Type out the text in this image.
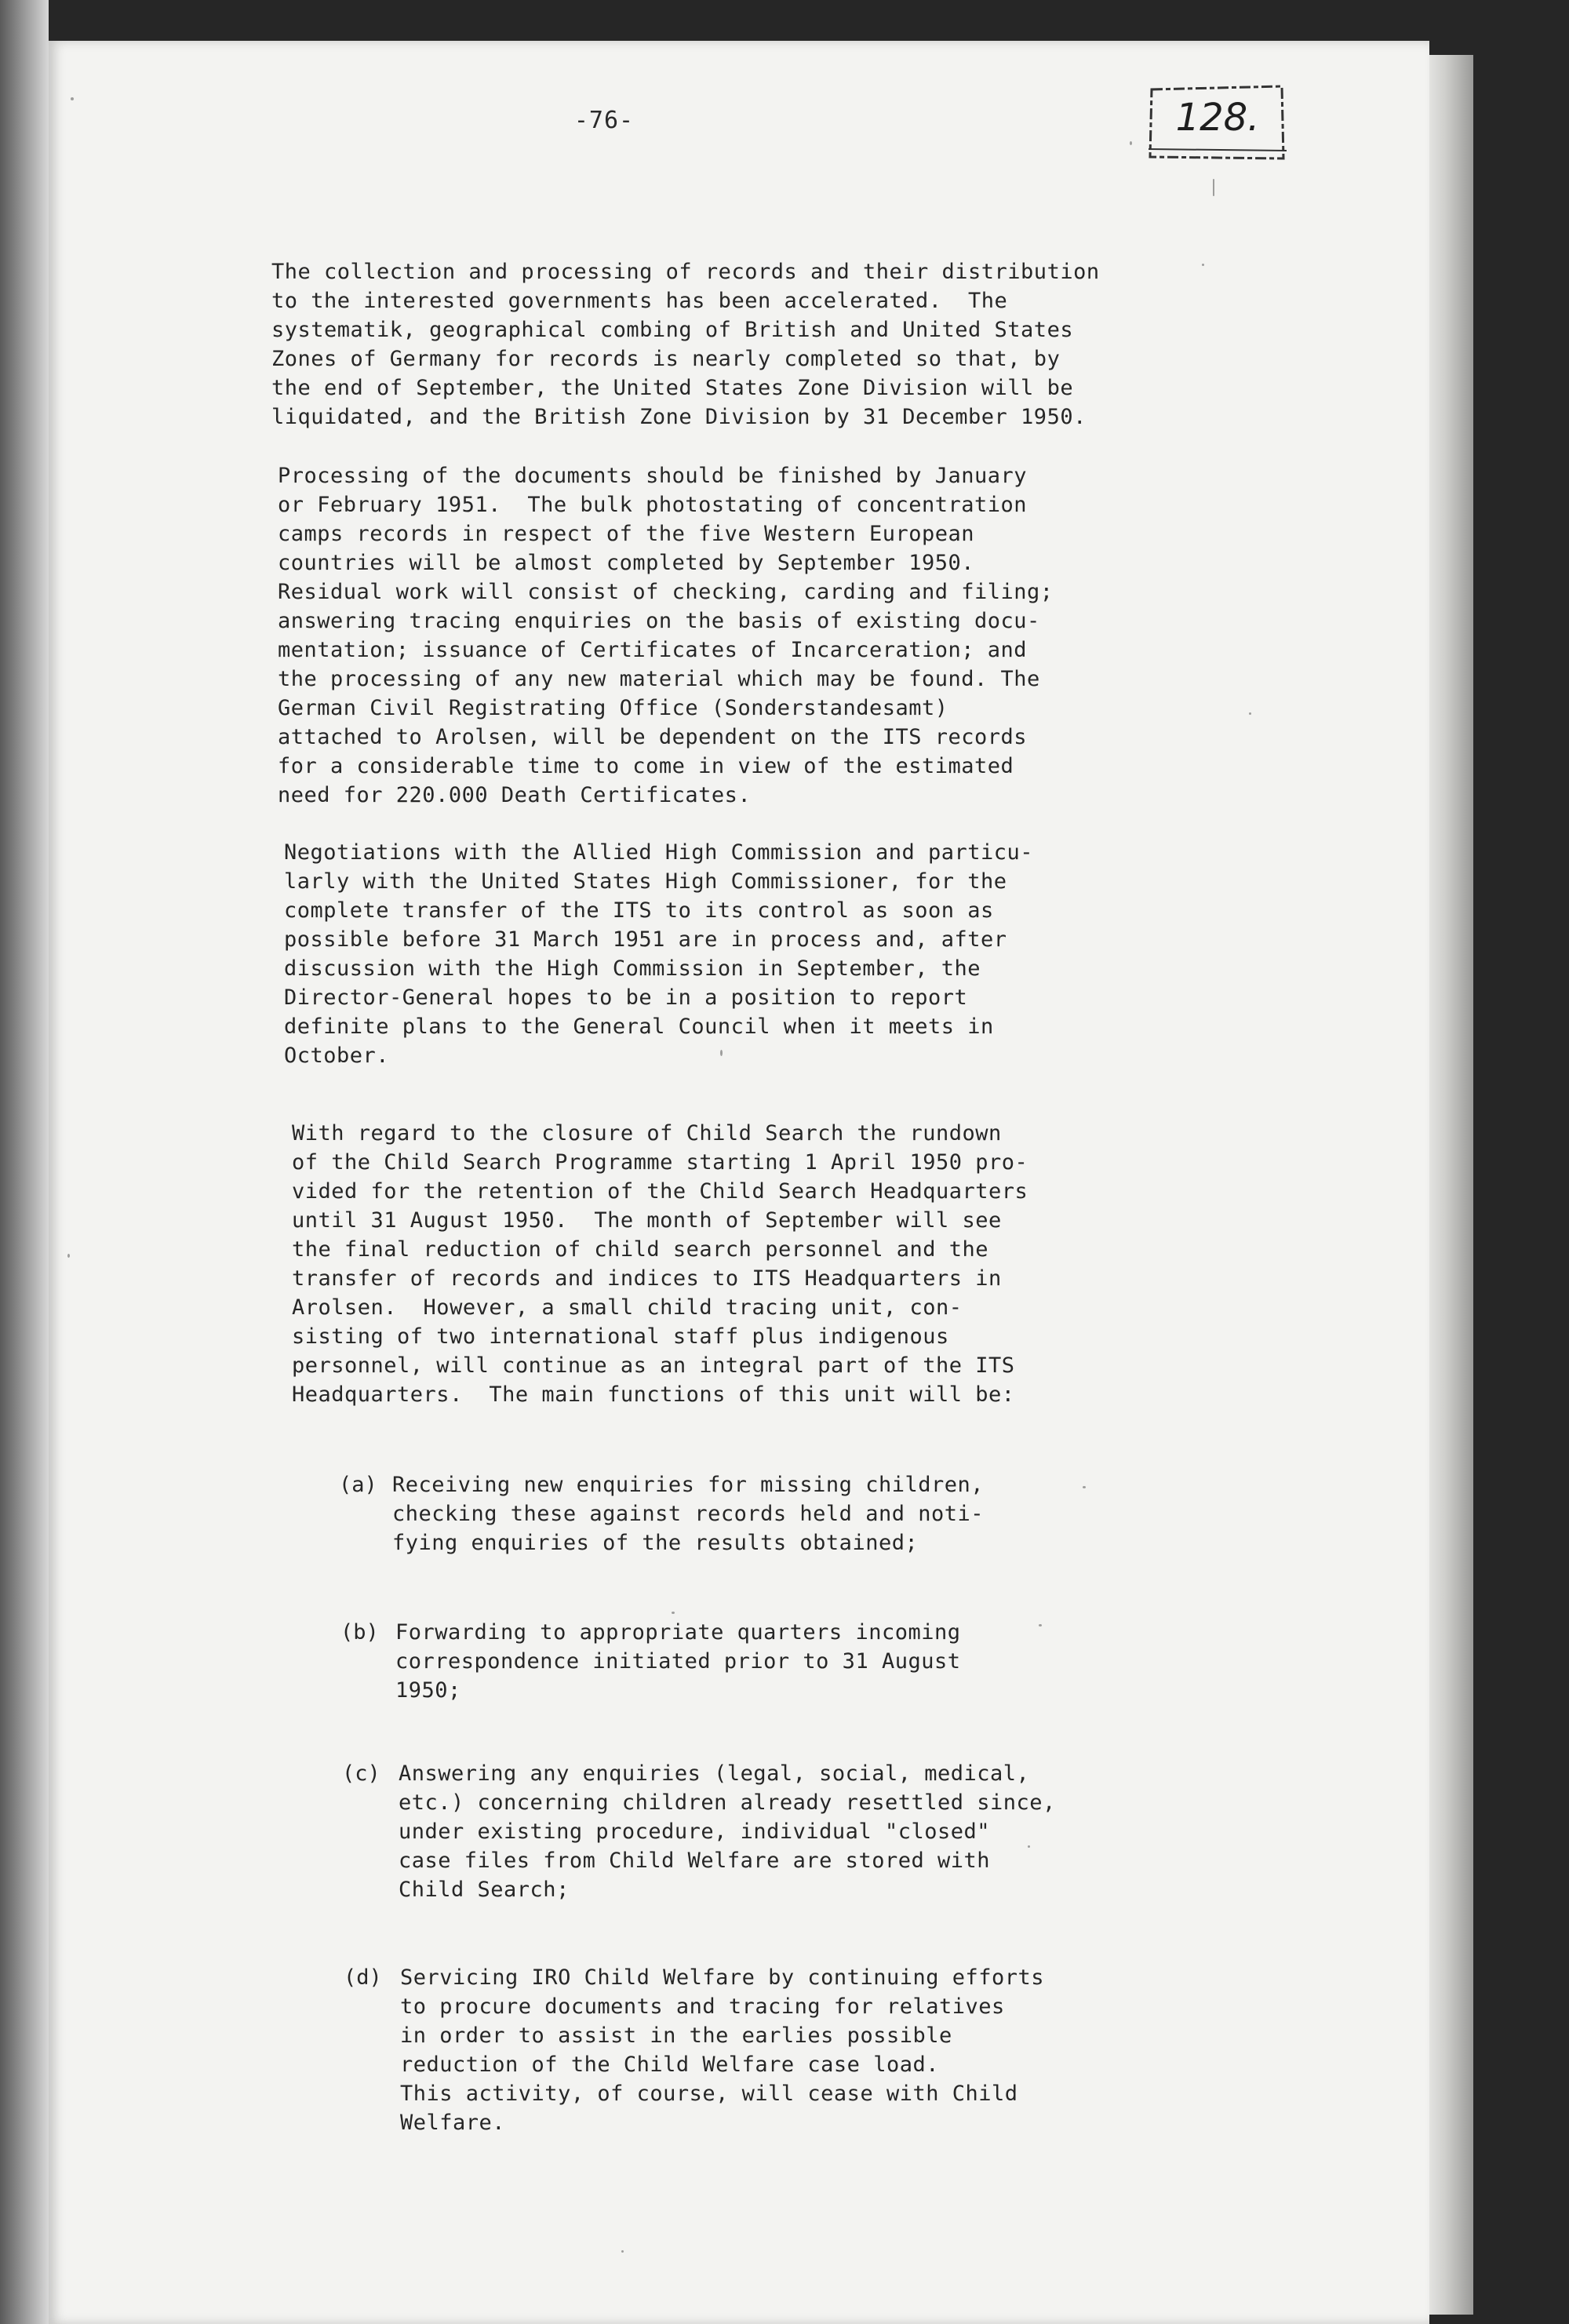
-76-	128.

The collection and processing of records and their distribution
to the interested governments has been accelerated.  The
systematik, geographical combing of British and United States
Zones of Germany for records is nearly completed so that, by
the end of September, the United States Zone Division will be
liquidated, and the British Zone Division by 31 December 1950.

Processing of the documents should be finished by January
or February 1951.  The bulk photostating of concentration
camps records in respect of the five Western European
countries will be almost completed by September 1950.
Residual work will consist of checking, carding and filing;
answering tracing enquiries on the basis of existing docu-
mentation; issuance of Certificates of Incarceration; and
the processing of any new material which may be found. The
German Civil Registrating Office (Sonderstandesamt)
attached to Arolsen, will be dependent on the ITS records
for a considerable time to come in view of the estimated
need for 220.000 Death Certificates.

Negotiations with the Allied High Commission and particu-
larly with the United States High Commissioner, for the
complete transfer of the ITS to its control as soon as
possible before 31 March 1951 are in process and, after
discussion with the High Commission in September, the
Director-General hopes to be in a position to report
definite plans to the General Council when it meets in
October.

With regard to the closure of Child Search the rundown
of the Child Search Programme starting 1 April 1950 pro-
vided for the retention of the Child Search Headquarters
until 31 August 1950.  The month of September will see
the final reduction of child search personnel and the
transfer of records and indices to ITS Headquarters in
Arolsen.  However, a small child tracing unit, con-
sisting of two international staff plus indigenous
personnel, will continue as an integral part of the ITS
Headquarters.  The main functions of this unit will be:

(a) Receiving new enquiries for missing children,
checking these against records held and noti-
fying enquiries of the results obtained;

(b) Forwarding to appropriate quarters incoming
correspondence initiated prior to 31 August
1950;

(c) Answering any enquiries (legal, social, medical,
etc.) concerning children already resettled since,
under existing procedure, individual "closed"
case files from Child Welfare are stored with
Child Search;

(d) Servicing IRO Child Welfare by continuing efforts
to procure documents and tracing for relatives
in order to assist in the earlies possible
reduction of the Child Welfare case load.
This activity, of course, will cease with Child
Welfare.
